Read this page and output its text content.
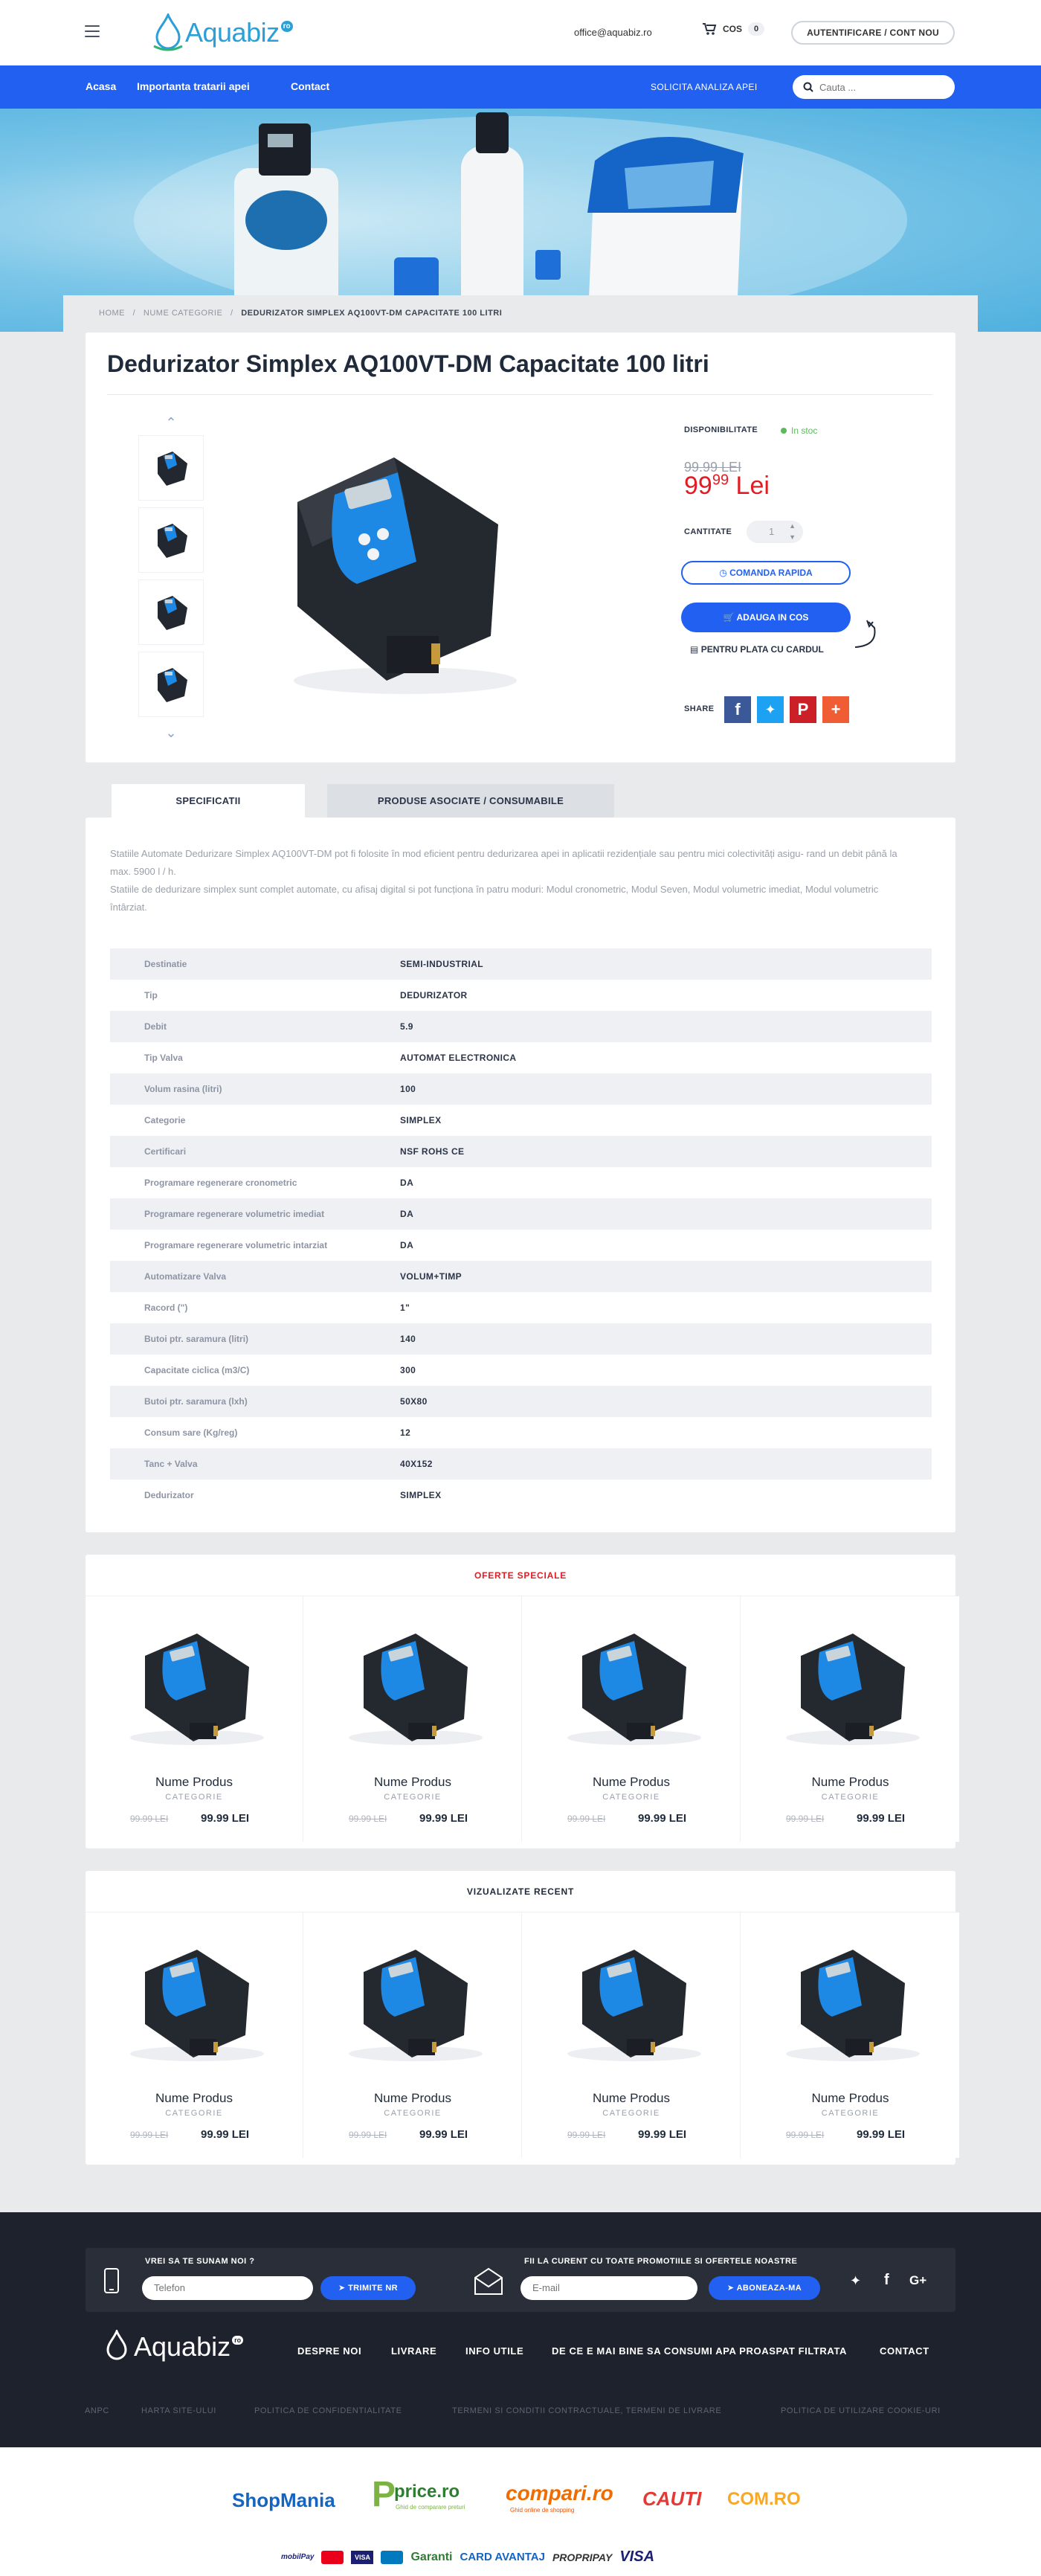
Aquabiz ro
office@aquabiz.ro	COS	0	AUTENTIFICARE / CONT NOU
Acasa Importanta tratarii apei	Contact	SOLICITA ANALIZA APEI
Cauta ...
HOME / NUME CATEGORIE / DEDURIZATOR SIMPLEX AQ100VT-DM CAPACITATE 100 LITRI
Dedurizator Simplex AQ100VT-DM Capacitate 100 litri
⌃
⌄
DISPONIBILITATE	In stoc
99.99 LEI
$99^{99}$ Lei
CANTITATE	1 ▲
▼
◷ COMANDA RAPIDA
🛒 ADAUGA IN COS
▤ PENTRU PLATA CU CARDUL
SHARE	f	✦	P	+
SPECIFICATII	PRODUSE ASOCIATE / CONSUMABILE

Statiile Automate Dedurizare Simplex AQ100VT-DM pot fi folosite în mod eficient pentru dedurizarea apei in aplicatii rezidențiale sau pentru mici colectivități asigu- rand un debit până la max. 5900 l / h.

Statiile de dedurizare simplex sunt complet automate, cu afisaj digital si pot funcționa în patru moduri: Modul cronometric, Modul Seven, Modul volumetric imediat, Modul volumetric întârziat.

Destinatie	SEMI-INDUSTRIAL
Tip	DEDURIZATOR
Debit	5.9
Tip Valva	AUTOMAT ELECTRONICA
Volum rasina (litri)	100
Categorie	SIMPLEX
Certificari	NSF ROHS CE
Programare regenerare cronometric	DA
Programare regenerare volumetric imediat	DA
Programare regenerare volumetric intarziat	DA
Automatizare Valva	VOLUM+TIMP
Racord (")	1"
Butoi ptr. saramura (litri)	140
Capacitate ciclica (m3/C)	300
Butoi ptr. saramura (lxh)	50X80
Consum sare (Kg/reg)	12
Tanc + Valva	40X152
Dedurizator	SIMPLEX
OFERTE SPECIALE
Nume Produs
CATEGORIE
99.99 LEI	99.99 LEI
Nume Produs
CATEGORIE
99.99 LEI	99.99 LEI
Nume Produs
CATEGORIE
99.99 LEI	99.99 LEI
Nume Produs
CATEGORIE
99.99 LEI	99.99 LEI
VIZUALIZATE RECENT
Nume Produs
CATEGORIE
99.99 LEI	99.99 LEI
Nume Produs
CATEGORIE
99.99 LEI	99.99 LEI
Nume Produs
CATEGORIE
99.99 LEI	99.99 LEI
Nume Produs
CATEGORIE
99.99 LEI	99.99 LEI
VREI SA TE SUNAM NOI ?
Telefon
➤ TRIMITE NR
FII LA CURENT CU TOATE PROMOTIILE SI OFERTELE NOASTRE
E-mail
➤ ABONEAZA-MA	✦ f G+
Aquabiz ro
DESPRE NOI	LIVRARE	INFO UTILE	DE CE E MAI BINE SA CONSUMI APA PROASPAT FILTRATA	CONTACT
ANPC	HARTA SITE-ULUI	POLITICA DE CONFIDENTIALITATE	TERMENI SI CONDITII CONTRACTUALE, TERMENI DE LIVRARE	POLITICA DE UTILIZARE COOKIE-URI
ShopMania P
price.ro
Ghid de comparare preturi
compari.ro
Ghid online de shopping
CAUTI COM.RO
mobilPay	VISA	Garanti CARD AVANTAJ PROPRIPAY VISA
